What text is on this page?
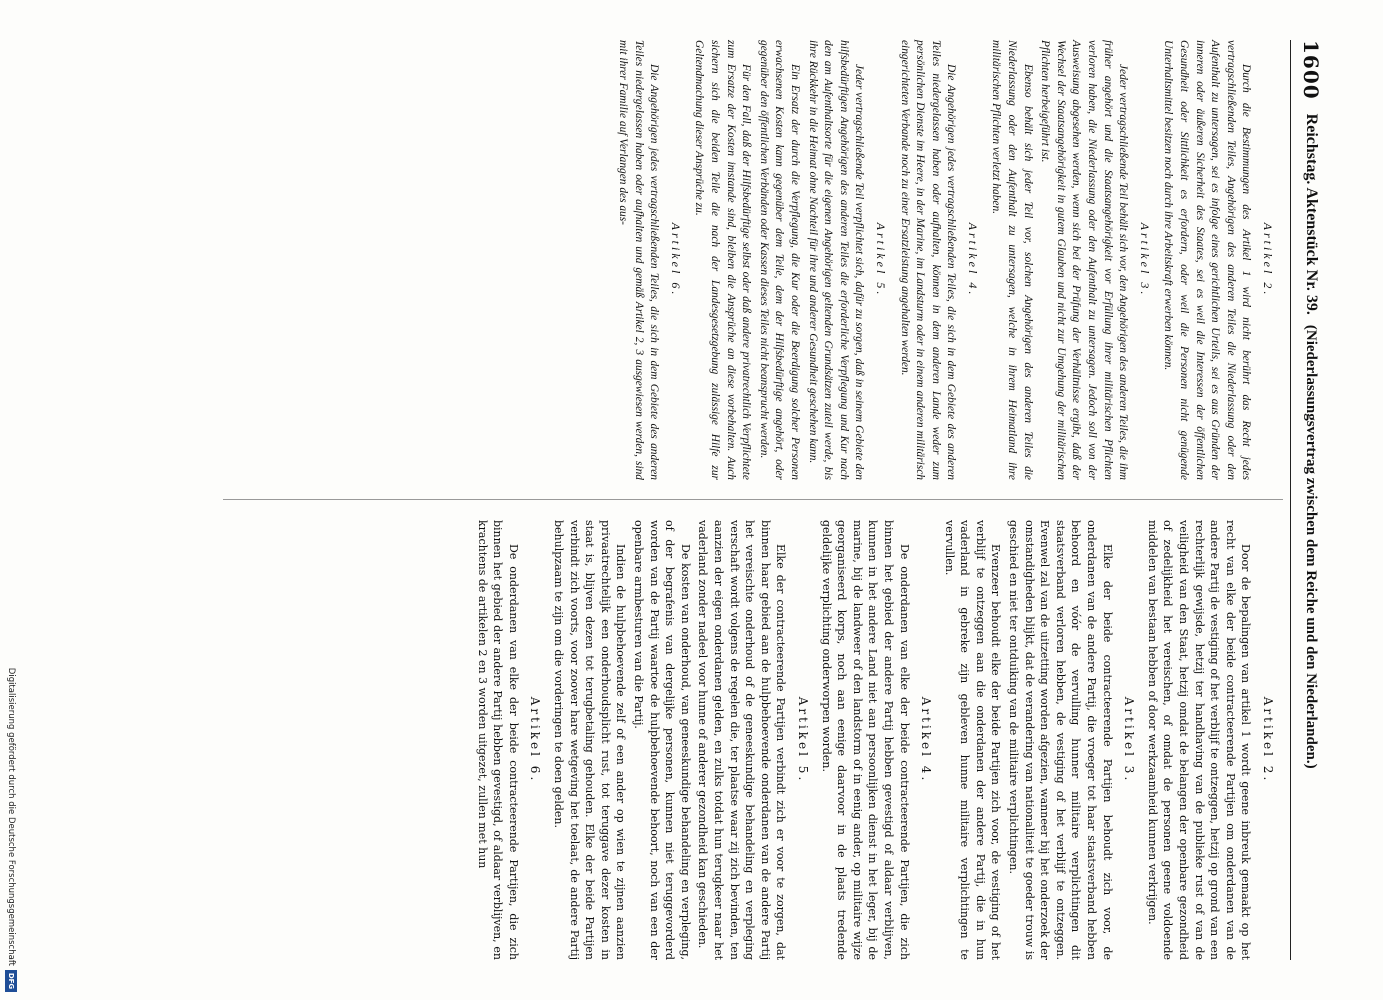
1600
Reichstag. Aktenstück Nr. 39.
(Niederlassungsvertrag zwischen dem Reiche und den Niederlanden.)
Artikel 2.

Durch die Bestimmungen des Artikel 1 wird nicht berührt das Recht jedes vertragschließenden Teiles, Angehörigen des anderen Teiles die Niederlassung oder den Aufenthalt zu untersagen, sei es infolge eines gerichtlichen Urteils, sei es aus Gründen der inneren oder äußeren Sicherheit des Staates, sei es weil die Interessen der öffentlichen Gesundheit oder Sittlichkeit es erfordern, oder weil die Personen nicht genügende Unterhaltsmittel besitzen noch durch ihre Arbeitskraft erwerben können.

Artikel 3.

Jeder vertragschließende Teil behält sich vor, den Angehörigen des anderen Teiles, die ihm früher angehört und die Staatsangehörigkeit vor Erfüllung ihrer militärischen Pflichten verloren haben, die Niederlassung oder den Aufenthalt zu untersagen. Jedoch soll von der Ausweisung abgesehen werden, wenn sich bei der Prüfung der Verhältnisse ergibt, daß der Wechsel der Staatsangehörigkeit in gutem Glauben und nicht zur Umgehung der militärischen Pflichten herbeigeführt ist.

Ebenso behält sich jeder Teil vor, solchen Angehörigen des anderen Teiles die Niederlassung oder den Aufenthalt zu untersagen, welche in ihrem Heimatland ihre militärischen Pflichten verletzt haben.

Artikel 4.

Die Angehörigen jedes vertragschließenden Teiles, die sich in dem Gebiete des anderen Teiles niedergelassen haben oder aufhalten, können in dem anderen Lande weder zum persönlichen Dienste im Heere, in der Marine, im Landsturm oder in einem anderen militärisch eingerichteten Verbande noch zu einer Ersatzleistung angehalten werden.

Artikel 5.

Jeder vertragschließende Teil verpflichtet sich, dafür zu sorgen, daß in seinem Gebiete den hilfsbedürftigen Angehörigen des anderen Teiles die erforderliche Verpflegung und Kur nach den am Aufenthaltsorte für die eigenen Angehörigen geltenden Grundsätzen zuteil werde, bis ihre Rückkehr in die Heimat ohne Nachteil für ihre und anderer Gesundheit geschehen kann.

Ein Ersatz der durch die Verpflegung, die Kur oder die Beerdigung solcher Personen erwachsenen Kosten kann gegenüber dem Teile, dem der Hilfsbedürftige angehört, oder gegenüber den öffentlichen Verbänden oder Kassen dieses Teiles nicht beansprucht werden.

Für den Fall, daß der Hilfsbedürftige selbst oder daß andere privatrechtlich Verpflichtete zum Ersatze der Kosten imstande sind, bleiben die Ansprüche an diese vorbehalten. Auch sichern sich die beiden Teile die nach der Landesgesetzgebung zulässige Hilfe zur Geltendmachung dieser Ansprüche zu.

Artikel 6.

Die Angehörigen jedes vertragschließenden Teiles, die sich in dem Gebiete des anderen Teiles niedergelassen haben oder aufhalten und gemäß Artikel 2, 3 ausgewiesen werden, sind mit ihrer Familie auf Verlangen des aus-

Artikel 2.

Door de bepalingen van artikel 1 wordt geene inbreuk gemaakt op het recht van elke der beide contracteerende Partijen om onderdanen van de andere Partij de vestiging of het verblijf te ontzeggen, hetzij op grond van een rechterlijk gewijsde, hetzij ter handhaving van de publieke rust of van de veiligheid van den Staat, hetzij omdat de belangen der openbare gezondheid of zedelijkheid het vereischen, of omdat de personen geene voldoende middelen van bestaan hebben of door werkzaamheid kunnen verkrijgen.

Artikel 3.

Elke der beide contracteerende Partijen behoudt zich voor, de onderdanen van de andere Partij, die vroeger tot haar staatsverband hebben behoord en vóór de vervulling hunner militaire verplichtingen dit staatsverband verloren hebben, de vestiging of het verblijf te ontzeggen. Evenwel zal van de uitzetting worden afgezien, wanneer bij het onderzoek der omstandigheden blijkt, dat de verandering van nationaliteit te goeder trouw is geschied en niet ter ontduiking van de militaire verplichtingen.

Evenzeer behoudt elke der beide Partijen zich voor, de vestiging of het verblijf te ontzeggen aan die onderdanen der andere Partij, die in hun vaderland in gebreke zijn gebleven hunne militaire verplichtingen te vervullen.

Artikel 4.

De onderdanen van elke der beide contracteerende Partijen, die zich binnen het gebied der andere Partij hebben gevestigd of aldaar verblijven, kunnen in het andere Land niet aan persoonlijken dienst in het leger, bij de marine, bij de landweer of den landstorm of in eenig ander, op militaire wijze georganiseerd korps, noch aan eenige daarvoor in de plaats tredende geldelijke verplichting onderworpen worden.

Artikel 5.

Elke der contracteerende Partijen verbindt zich er voor te zorgen, dat binnen haar gebied aan de hulpbehoevende onderdanen van de andere Partij het vereischte onderhoud of de geneeskundige behandeling en verpleging verschaft wordt volgens de regelen die, ter plaatse waar zij zich bevinden, ten aanzien der eigen onderdanen gelden, en zulks totdat hun terugkeer naar het vaderland zonder nadeel voor hunne of anderer gezondheid kan geschieden.

De kosten van onderhoud, van geneeskundige behandeling en verpleging, of der begrafenis van dergelijke personen, kunnen niet teruggevorderd worden van de Partij waartoe de hulpbehoevende behoort, noch van een der openbare armbesturen van die Partij.

Indien de hulpbehoevende zelf of een ander op wien te zijnen aanzien privaatrechtelijk een onderhoudsplicht rust, tot teruggave dezer kosten in staat is, blijven dezen tot terugbetaling gehouden. Elke der beide Partijen verbindt zich voorts, voor zoover hare wetgeving het toelaat, de andere Partij behulpzaam te zijn om die vorderingen te doen gelden.

Artikel 6.

De onderdanen van elke der beide contracteerende Partijen, die zich binnen het gebied der andere Partij hebben gevestigd, of aldaar verblijven, en krachtens de artikelen 2 en 3 worden uitgezet, zullen met hun

Digitalisierung gefördert durch die Deutsche Forschungsgemeinschaft
DFG
